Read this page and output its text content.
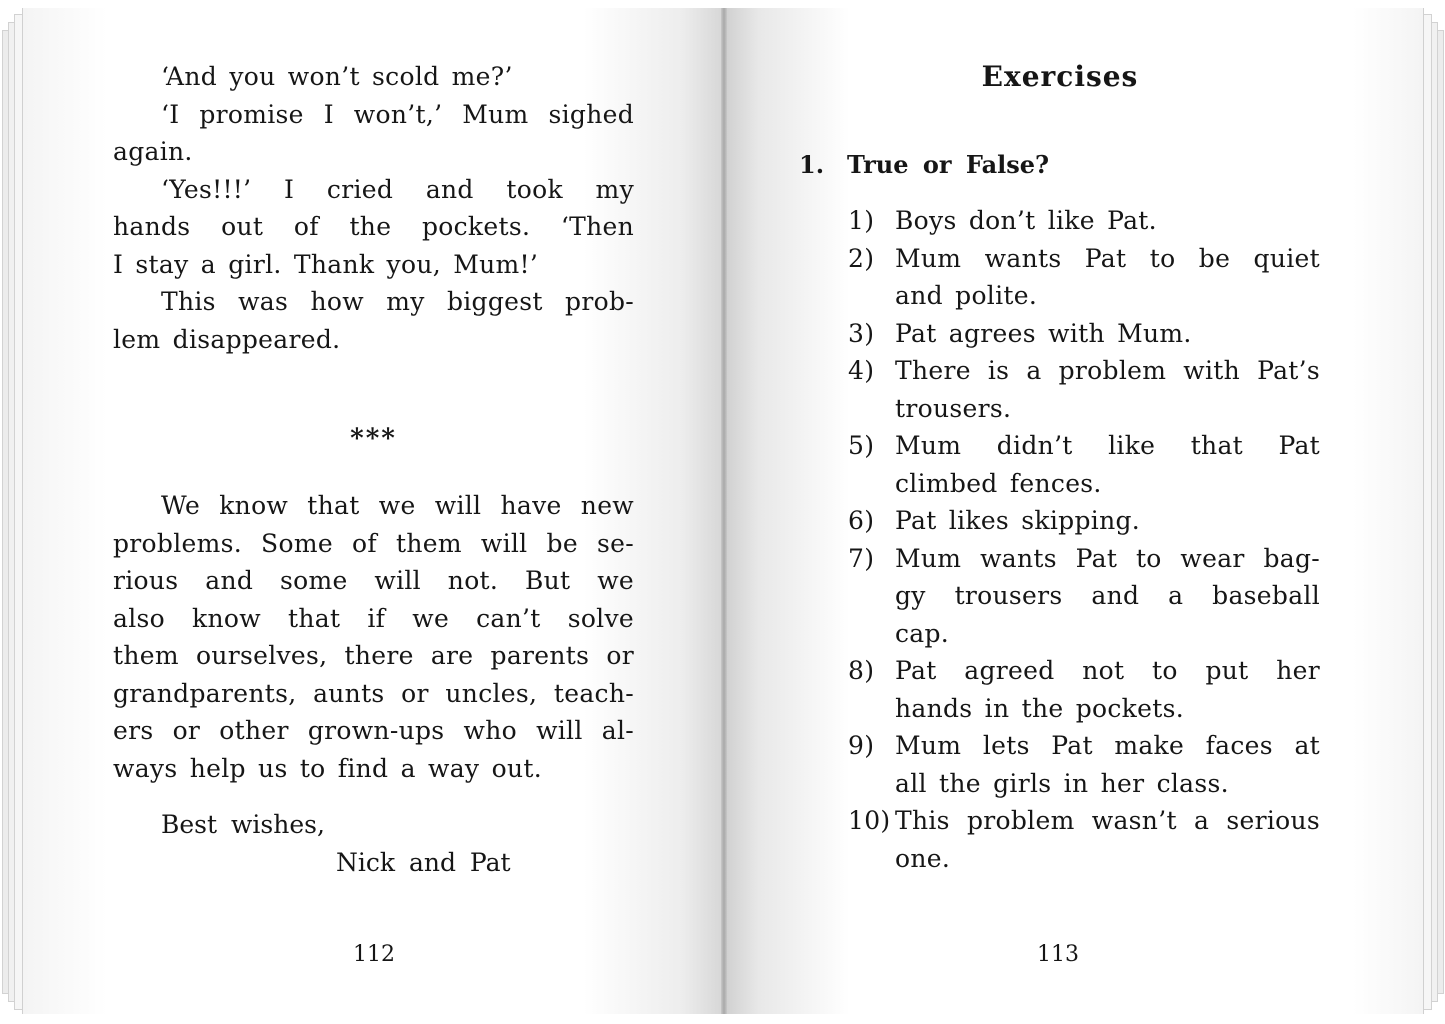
‘And you won’t scold me?’
‘I promise I won’t,’ Mum sighed
again.
‘Yes!!!’ I cried and took my
hands out of the pockets. ‘Then
I stay a girl. Thank you, Mum!’
This was how my biggest prob-
lem disappeared.
***
We know that we will have new
problems. Some of them will be se-
rious and some will not. But we
also know that if we can’t solve
them ourselves, there are parents or
grandparents, aunts or uncles, teach-
ers or other grown-ups who will al-
ways help us to find a way out.
Best wishes,
Nick and Pat
112
Exercises
1. True or False?
1) Boys don’t like Pat.
2) Mum wants Pat to be quiet
and polite.
3) Pat agrees with Mum.
4) There is a problem with Pat’s
trousers.
5) Mum didn’t like that Pat
climbed fences.
6) Pat likes skipping.
7) Mum wants Pat to wear bag-
gy trousers and a baseball
cap.
8) Pat agreed not to put her
hands in the pockets.
9) Mum lets Pat make faces at
all the girls in her class.
10) This problem wasn’t a serious
one.
113
